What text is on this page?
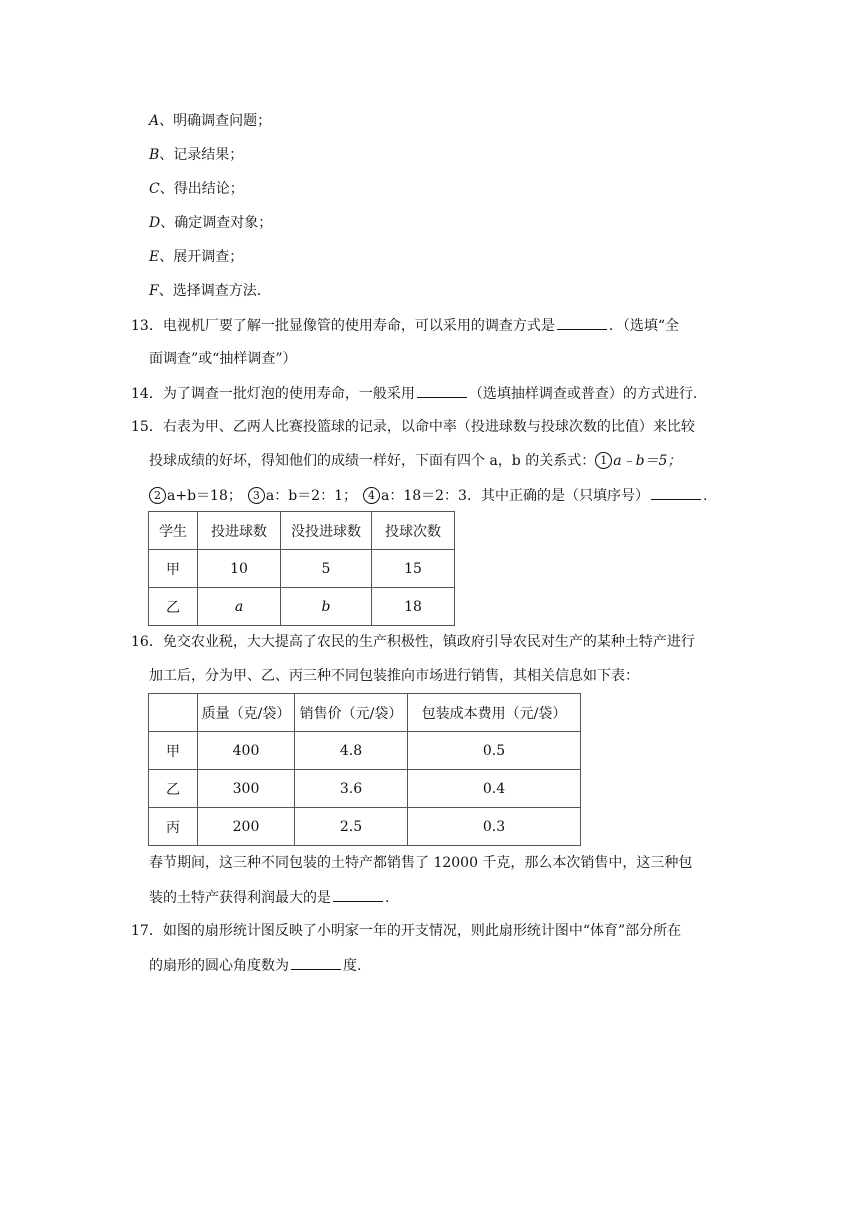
A、明确调查问题；
B、记录结果；
C、得出结论；
D、确定调查对象；
E、展开调查；
F、选择调查方法.
13．电视机厂要了解一批显像管的使用寿命，可以采用的调查方式是	．（选填“全
面调查”或“抽样调查”）
14．为了调查一批灯泡的使用寿命，一般采用	（选填抽样调查或普查）的方式进行.
15．右表为甲、乙两人比赛投篮球的记录，以命中率（投进球数与投球次数的比值）来比较
投球成绩的好坏，得知他们的成绩一样好，下面有四个 a，b 的关系式： 1 a﹣b＝5；
2 a+b＝18； 3 a：b＝2：1； 4 a：18＝2：3．其中正确的是（只填序号）	.
学生	投进球数	没投进球数	投球次数
甲	10	5	15
乙	a	b	18
16．免交农业税，大大提高了农民的生产积极性，镇政府引导农民对生产的某种土特产进行
加工后，分为甲、乙、丙三种不同包装推向市场进行销售，其相关信息如下表：
	质量（克/袋）	销售价（元/袋）	包装成本费用（元/袋）
甲	400	4.8	0.5
乙	300	3.6	0.4
丙	200	2.5	0.3
春节期间，这三种不同包装的土特产都销售了 12000 千克，那么本次销售中，这三种包
装的土特产获得利润最大的是	.
17．如图的扇形统计图反映了小明家一年的开支情况，则此扇形统计图中“体育”部分所在
的扇形的圆心角度数为	度.
